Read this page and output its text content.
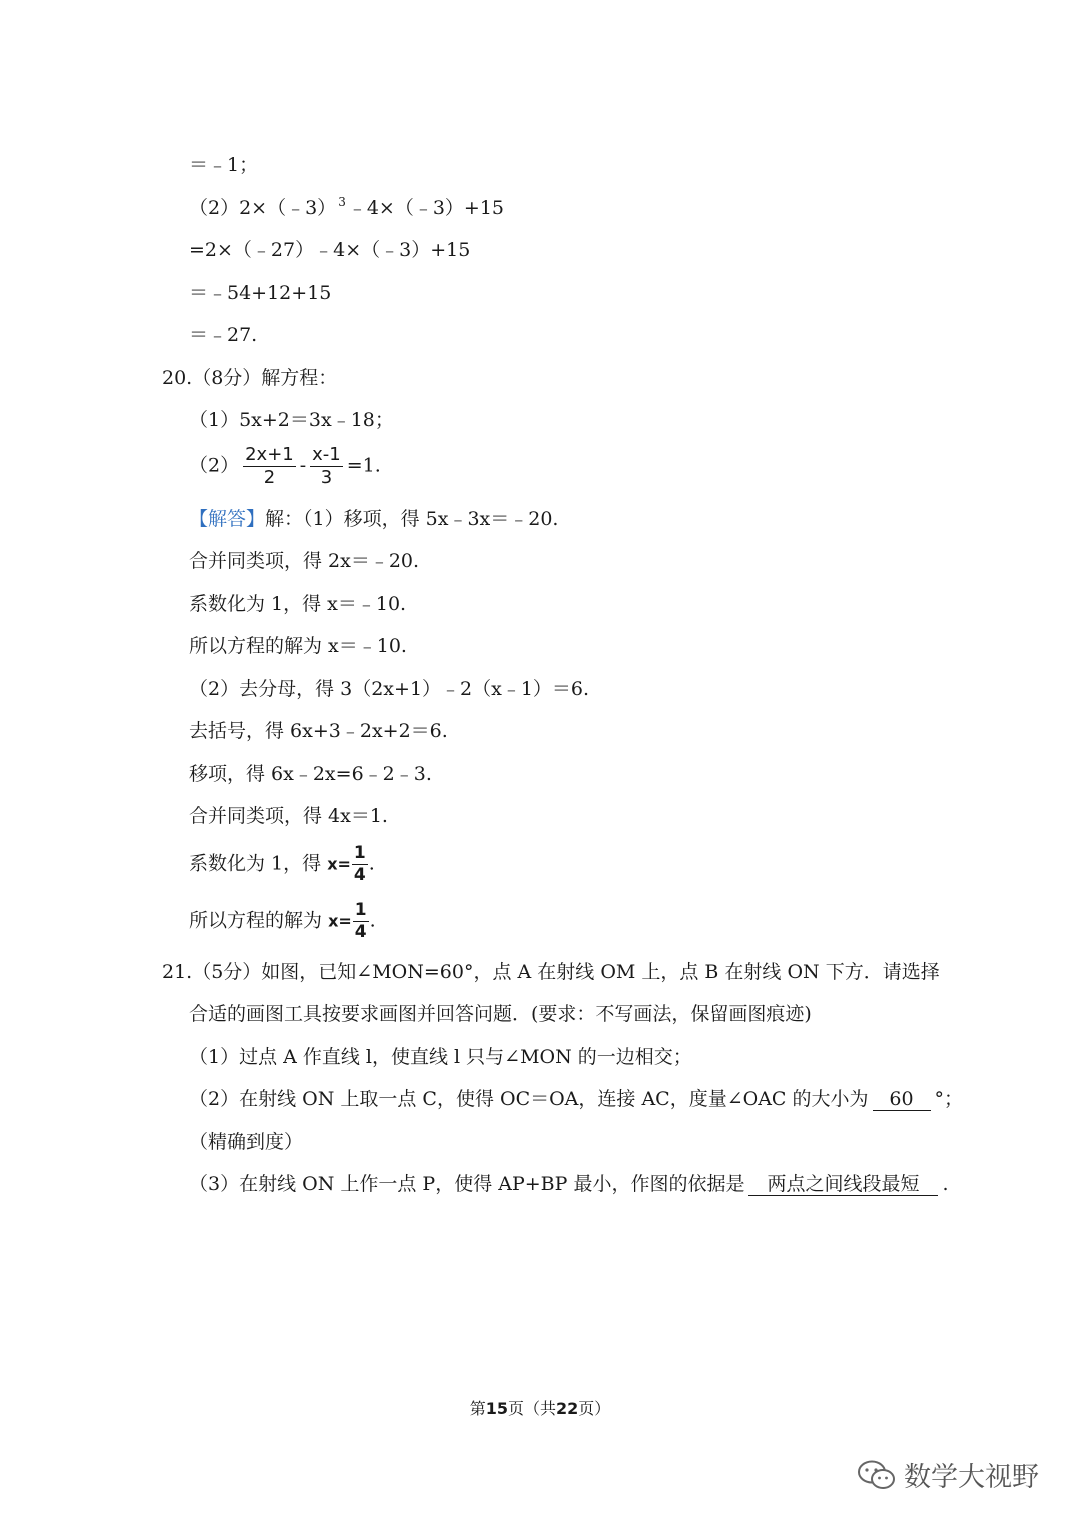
＝﹣1；
（2）2×（﹣3） $^3$ ﹣4×（﹣3）+15
=2×（﹣27）﹣4×（﹣3）+15
＝﹣54+12+15
＝﹣27.
20.（8分）解方程：
（1）5x+2＝3x﹣18；
$(2) \frac{2x+1}{2} - \frac{x-1}{3} =1$.
【解答】解：（1）移项，得 5x﹣3x＝﹣20.
合并同类项，得 2x＝﹣20.
系数化为 1，得 x＝﹣10.
所以方程的解为 x＝﹣10.
（2）去分母，得 3（2x+1）﹣2（x﹣1）＝6.
去括号，得 6x+3﹣2x+2＝6.
移项，得 6x﹣2x=6﹣2﹣3.
合并同类项，得 4x＝1.
系数化为 1，得 $x= \frac{1}{4}$ .
所以方程的解为 $x= \frac{1}{4}$ .
21.（5分）如图，已知∠MON=60°，点 A 在射线 OM 上，点 B 在射线 ON 下方．请选择
合适的画图工具按要求画图并回答问题．(要求：不写画法，保留画图痕迹)
（1）过点 A 作直线 l，使直线 l 只与∠MON 的一边相交；
（2）在射线 ON 上取一点 C，使得 OC＝OA，连接 AC，度量∠OAC 的大小为 60 °；
（精确到度）
（3）在射线 ON 上作一点 P，使得 AP+BP 最小，作图的依据是 两点之间线段最短 .
第15页（共22页）
数学大视野
